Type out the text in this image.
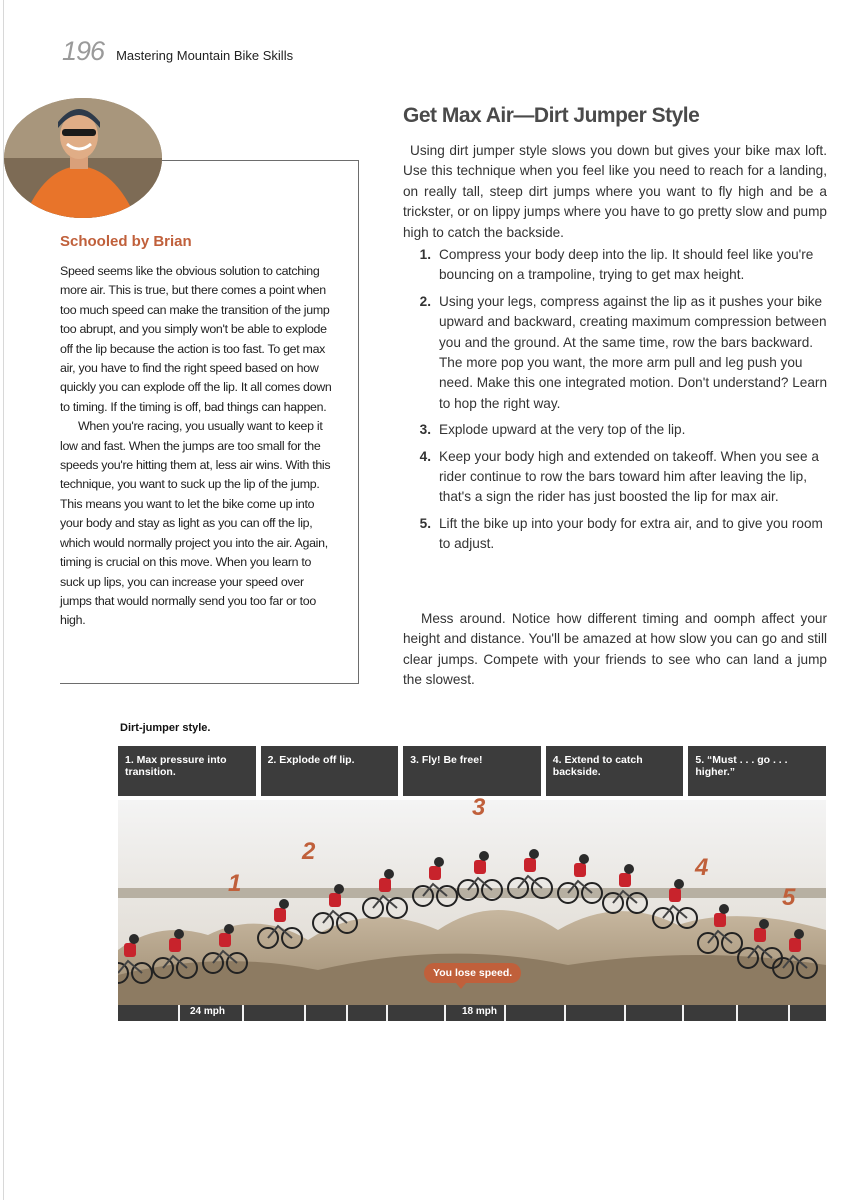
196 Mastering Mountain Bike Skills
Schooled by Brian

Speed seems like the obvious solution to catching more air. This is true, but there comes a point when too much speed can make the transition of the jump too abrupt, and you simply won't be able to explode off the lip because the action is too fast. To get max air, you have to find the right speed based on how quickly you can explode off the lip. It all comes down to timing. If the timing is off, bad things can happen.

When you're racing, you usually want to keep it low and fast. When the jumps are too small for the speeds you're hitting them at, less air wins. With this technique, you want to suck up the lip of the jump. This means you want to let the bike come up into your body and stay as light as you can off the lip, which would normally project you into the air. Again, timing is crucial on this move. When you learn to suck up lips, you can increase your speed over jumps that would normally send you too far or too high.

Get Max Air—Dirt Jumper Style
Using dirt jumper style slows you down but gives your bike max loft. Use this technique when you feel like you need to reach for a landing, on really tall, steep dirt jumps where you want to fly high and be a trickster, or on lippy jumps where you have to go pretty slow and pump high to catch the backside.
1. Compress your body deep into the lip. It should feel like you're bouncing on a trampoline, trying to get max height.
2. Using your legs, compress against the lip as it pushes your bike upward and backward, creating maximum compression between you and the ground. At the same time, row the bars backward. The more pop you want, the more arm pull and leg push you need. Make this one integrated motion. Don't understand? Learn to hop the right way.
3. Explode upward at the very top of the lip.
4. Keep your body high and extended on takeoff. When you see a rider continue to row the bars toward him after leaving the lip, that's a sign the rider has just boosted the lip for max air.
5. Lift the bike up into your body for extra air, and to give you room to adjust.
Mess around. Notice how different timing and oomph affect your height and distance. You'll be amazed at how slow you can go and still clear jumps. Compete with your friends to see who can land a jump the slowest.
Dirt-jumper style.
1. Max pressure into transition.
2. Explode off lip.	3. Fly! Be free!	4. Extend to catch backside.
5. “Must . . . go . . . higher.”
1
2
3
4
5
You lose speed.
24 mph	18 mph
